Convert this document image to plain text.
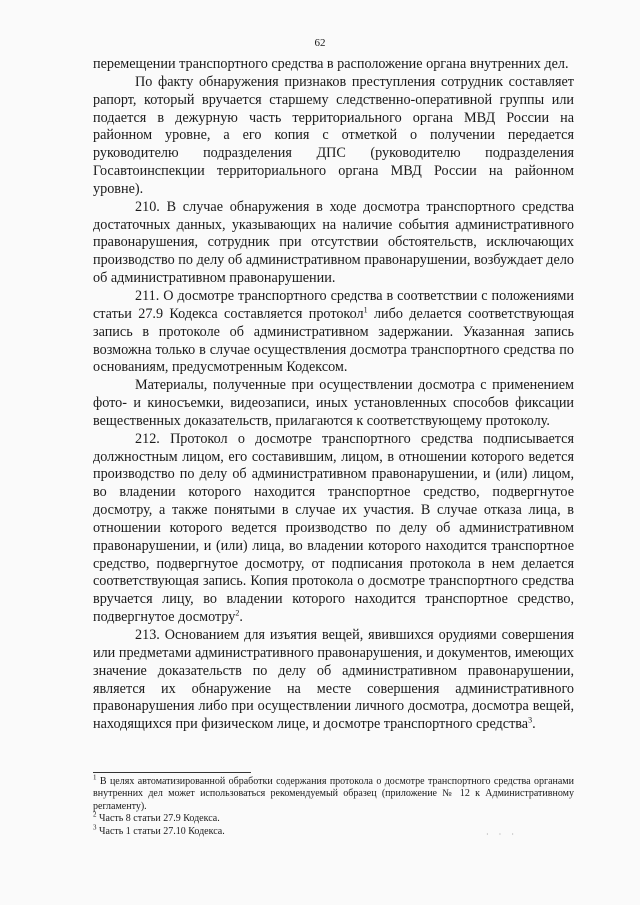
62

перемещении транспортного средства в расположение органа внутренних дел.

По факту обнаружения признаков преступления сотрудник составляет рапорт, который вручается старшему следственно-оперативной группы или подается в дежурную часть территориального органа МВД России на районном уровне, а его копия с отметкой о получении передается руководителю подразделения ДПС (руководителю подразделения Госавтоинспекции территориального органа МВД России на районном уровне).

210. В случае обнаружения в ходе досмотра транспортного средства достаточных данных, указывающих на наличие события административного правонарушения, сотрудник при отсутствии обстоятельств, исключающих производство по делу об административном правонарушении, возбуждает дело об административном правонарушении.

211. О досмотре транспортного средства в соответствии с положениями статьи 27.9 Кодекса составляется протокол$^1$ либо делается соответствующая запись в протоколе об административном задержании. Указанная запись возможна только в случае осуществления досмотра транспортного средства по основаниям, предусмотренным Кодексом.

Материалы, полученные при осуществлении досмотра с применением фото- и киносъемки, видеозаписи, иных установленных способов фиксации вещественных доказательств, прилагаются к соответствующему протоколу.

212. Протокол о досмотре транспортного средства подписывается должностным лицом, его составившим, лицом, в отношении которого ведется производство по делу об административном правонарушении, и (или) лицом, во владении которого находится транспортное средство, подвергнутое досмотру, а также понятыми в случае их участия. В случае отказа лица, в отношении которого ведется производство по делу об административном правонарушении, и (или) лица, во владении которого находится транспортное средство, подвергнутое досмотру, от подписания протокола в нем делается соответствующая запись. Копия протокола о досмотре транспортного средства вручается лицу, во владении которого находится транспортное средство, подвергнутое досмотру$^2$.

213. Основанием для изъятия вещей, явившихся орудиями совершения или предметами административного правонарушения, и документов, имеющих значение доказательств по делу об административном правонарушении, является их обнаружение на месте совершения административного правонарушения либо при осуществлении личного досмотра, досмотра вещей, находящихся при физическом лице, и досмотре транспортного средства$^3$.

$^1$ В целях автоматизированной обработки содержания протокола о досмотре транспортного средства органами внутренних дел может использоваться рекомендуемый образец (приложение № 12 к Административному регламенту).

$^2$ Часть 8 статьи 27.9 Кодекса.

$^3$ Часть 1 статьи 27.10 Кодекса.	· · ·
